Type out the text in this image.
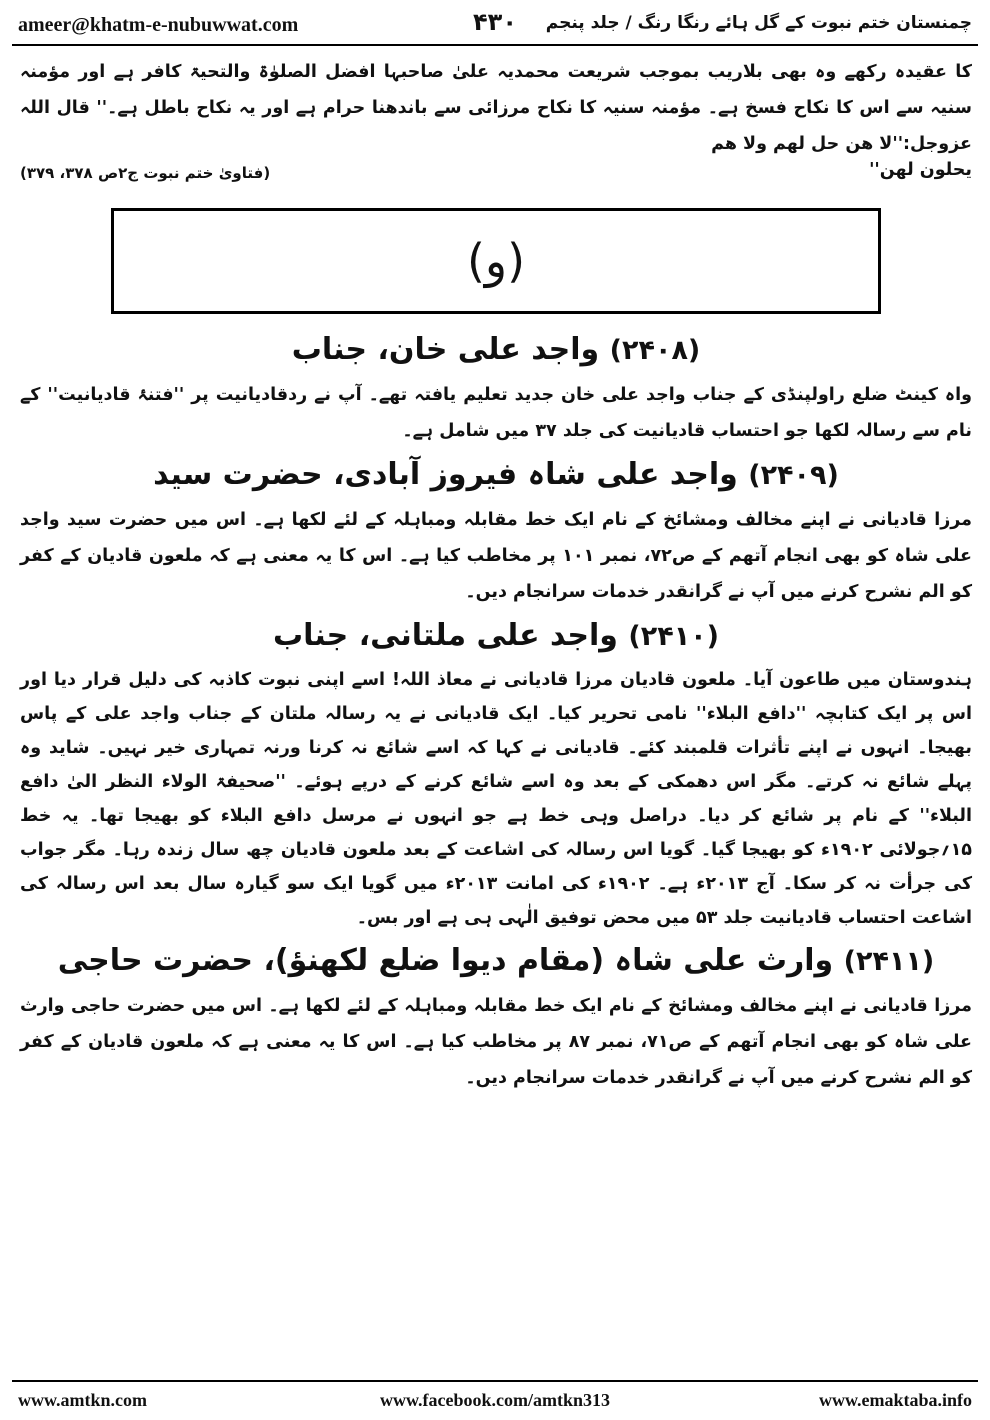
ameer@khatm-e-nubuwwat.com	۴۳۰	چمنستان ختم نبوت کے گل ہائے رنگا رنگ / جلد پنجم

کا عقیدہ رکھے وہ بھی بلاریب بموجب شریعت محمدیہ علیٰ صاحبہا افضل الصلوٰۃ والتحیۃ کافر ہے اور مؤمنہ سنیہ سے اس کا نکاح فسخ ہے۔ مؤمنہ سنیہ کا نکاح مرزائی سے باندھنا حرام ہے اور یہ نکاح باطل ہے۔'' قال اللہ عزوجل:''لا ھن حل لھم ولا ھم

یحلون لھن''
(فتاویٰ ختم نبوت ج۲ص ۳۷۸، ۳۷۹)
(و)
(۲۴۰۸) واجد علی خان، جناب

واہ کینٹ ضلع راولپنڈی کے جناب واجد علی خان جدید تعلیم یافتہ تھے۔ آپ نے ردقادیانیت پر ''فتنۂ قادیانیت'' کے نام سے رسالہ لکھا جو احتساب قادیانیت کی جلد ۳۷ میں شامل ہے۔

(۲۴۰۹) واجد علی شاہ فیروز آبادی، حضرت سید

مرزا قادیانی نے اپنے مخالف ومشائخ کے نام ایک خط مقابلہ ومباہلہ کے لئے لکھا ہے۔ اس میں حضرت سید واجد علی شاہ کو بھی انجام آتھم کے ص۷۲، نمبر ۱۰۱ پر مخاطب کیا ہے۔ اس کا یہ معنی ہے کہ ملعون قادیان کے کفر کو الم نشرح کرنے میں آپ نے گرانقدر خدمات سرانجام دیں۔

(۲۴۱۰) واجد علی ملتانی، جناب

ہندوستان میں طاعون آیا۔ ملعون قادیان مرزا قادیانی نے معاذ اللہ! اسے اپنی نبوت کاذبہ کی دلیل قرار دیا اور اس پر ایک کتابچہ ''دافع البلاء'' نامی تحریر کیا۔ ایک قادیانی نے یہ رسالہ ملتان کے جناب واجد علی کے پاس بھیجا۔ انہوں نے اپنے تأثرات قلمبند کئے۔ قادیانی نے کہا کہ اسے شائع نہ کرنا ورنہ تمہاری خیر نہیں۔ شاید وہ پہلے شائع نہ کرتے۔ مگر اس دھمکی کے بعد وہ اسے شائع کرنے کے درپے ہوئے۔ ''صحیفۃ الولاء النظر الیٰ دافع البلاء'' کے نام پر شائع کر دیا۔ دراصل وہی خط ہے جو انہوں نے مرسل دافع البلاء کو بھیجا تھا۔ یہ خط ۱۵؍جولائی ۱۹۰۲ء کو بھیجا گیا۔ گویا اس رسالہ کی اشاعت کے بعد ملعون قادیان چھ سال زندہ رہا۔ مگر جواب کی جرأت نہ کر سکا۔ آج ۲۰۱۳ء ہے۔ ۱۹۰۲ء کی امانت ۲۰۱۳ء میں گویا ایک سو گیارہ سال بعد اس رسالہ کی اشاعت احتساب قادیانیت جلد ۵۳ میں محض توفیق الٰہی ہی ہے اور بس۔

(۲۴۱۱) وارث علی شاہ (مقام دیوا ضلع لکھنؤ)، حضرت حاجی

مرزا قادیانی نے اپنے مخالف ومشائخ کے نام ایک خط مقابلہ ومباہلہ کے لئے لکھا ہے۔ اس میں حضرت حاجی وارث علی شاہ کو بھی انجام آتھم کے ص۷۱، نمبر ۸۷ پر مخاطب کیا ہے۔ اس کا یہ معنی ہے کہ ملعون قادیان کے کفر کو الم نشرح کرنے میں آپ نے گرانقدر خدمات سرانجام دیں۔

www.amtkn.com	www.facebook.com/amtkn313	www.emaktaba.info
